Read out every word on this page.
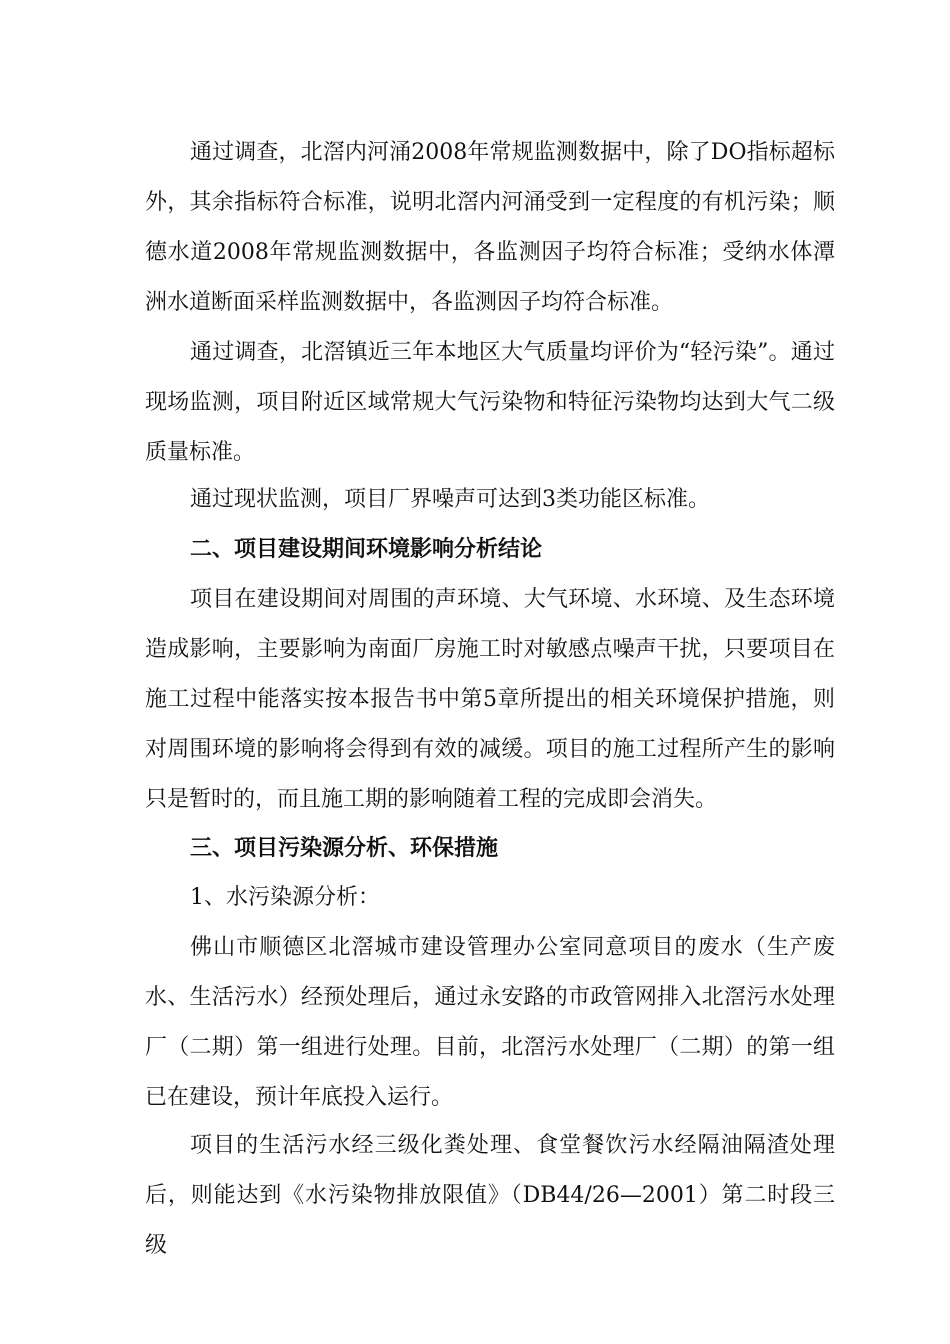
通过调查，北滘内河涌2008年常规监测数据中，除了DO指标超标外，其余指标符合标准，说明北滘内河涌受到一定程度的有机污染；顺德水道2008年常规监测数据中，各监测因子均符合标准；受纳水体潭洲水道断面采样监测数据中，各监测因子均符合标准。

通过调查，北滘镇近三年本地区大气质量均评价为“轻污染”。通过现场监测，项目附近区域常规大气污染物和特征污染物均达到大气二级质量标准。

通过现状监测，项目厂界噪声可达到3类功能区标准。

二、项目建设期间环境影响分析结论

项目在建设期间对周围的声环境、大气环境、水环境、及生态环境造成影响，主要影响为南面厂房施工时对敏感点噪声干扰，只要项目在施工过程中能落实按本报告书中第5章所提出的相关环境保护措施，则对周围环境的影响将会得到有效的减缓。项目的施工过程所产生的影响只是暂时的，而且施工期的影响随着工程的完成即会消失。

三、项目污染源分析、环保措施

1、水污染源分析：

佛山市顺德区北滘城市建设管理办公室同意项目的废水（生产废水、生活污水）经预处理后，通过永安路的市政管网排入北滘污水处理厂（二期）第一组进行处理。目前，北滘污水处理厂（二期）的第一组已在建设，预计年底投入运行。

项目的生活污水经三级化粪处理、食堂餐饮污水经隔油隔渣处理后，则能达到《水污染物排放限值》（DB44/26—2001）第二时段三级
